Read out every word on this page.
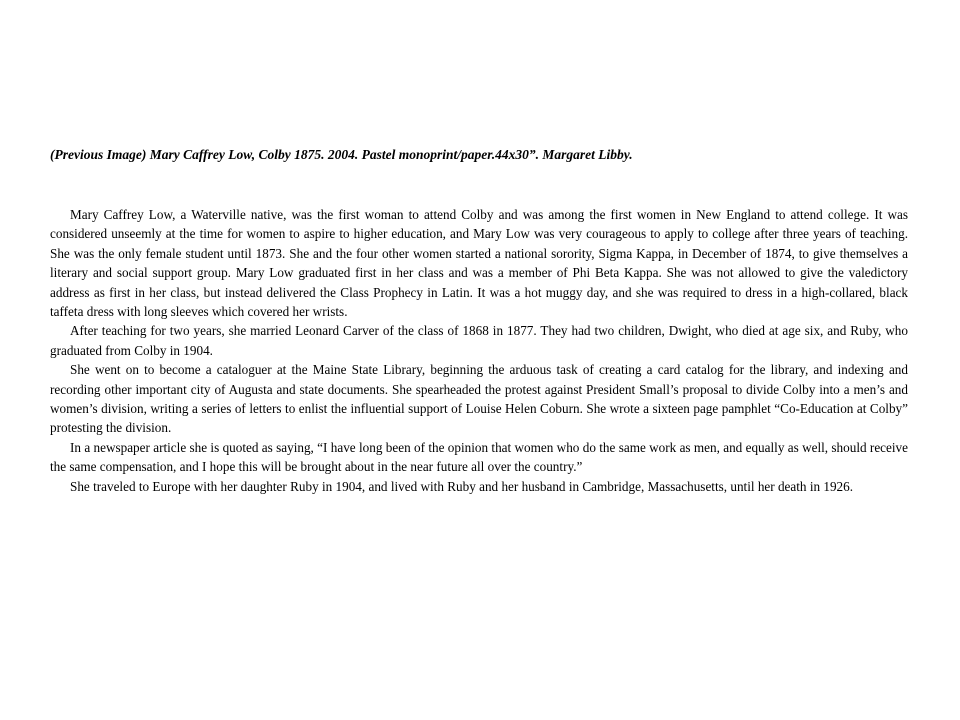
(Previous Image) Mary Caffrey Low, Colby 1875. 2004. Pastel monoprint/paper.44x30”. Margaret Libby.

Mary Caffrey Low, a Waterville native, was the first woman to attend Colby and was among the first women in New England to attend college. It was considered unseemly at the time for women to aspire to higher education, and Mary Low was very courageous to apply to college after three years of teaching. She was the only female student until 1873. She and the four other women started a national sorority, Sigma Kappa, in December of 1874, to give themselves a literary and social support group. Mary Low graduated first in her class and was a member of Phi Beta Kappa. She was not allowed to give the valedictory address as first in her class, but instead delivered the Class Prophecy in Latin. It was a hot muggy day, and she was required to dress in a high-collared, black taffeta dress with long sleeves which covered her wrists.

After teaching for two years, she married Leonard Carver of the class of 1868 in 1877. They had two children, Dwight, who died at age six, and Ruby, who graduated from Colby in 1904.

She went on to become a cataloguer at the Maine State Library, beginning the arduous task of creating a card catalog for the library, and indexing and recording other important city of Augusta and state documents. She spearheaded the protest against President Small’s proposal to divide Colby into a men’s and women’s division, writing a series of letters to enlist the influential support of Louise Helen Coburn. She wrote a sixteen page pamphlet “Co-Education at Colby” protesting the division.

In a newspaper article she is quoted as saying, “I have long been of the opinion that women who do the same work as men, and equally as well, should receive the same compensation, and I hope this will be brought about in the near future all over the country.”

She traveled to Europe with her daughter Ruby in 1904, and lived with Ruby and her husband in Cambridge, Massachusetts, until her death in 1926.
